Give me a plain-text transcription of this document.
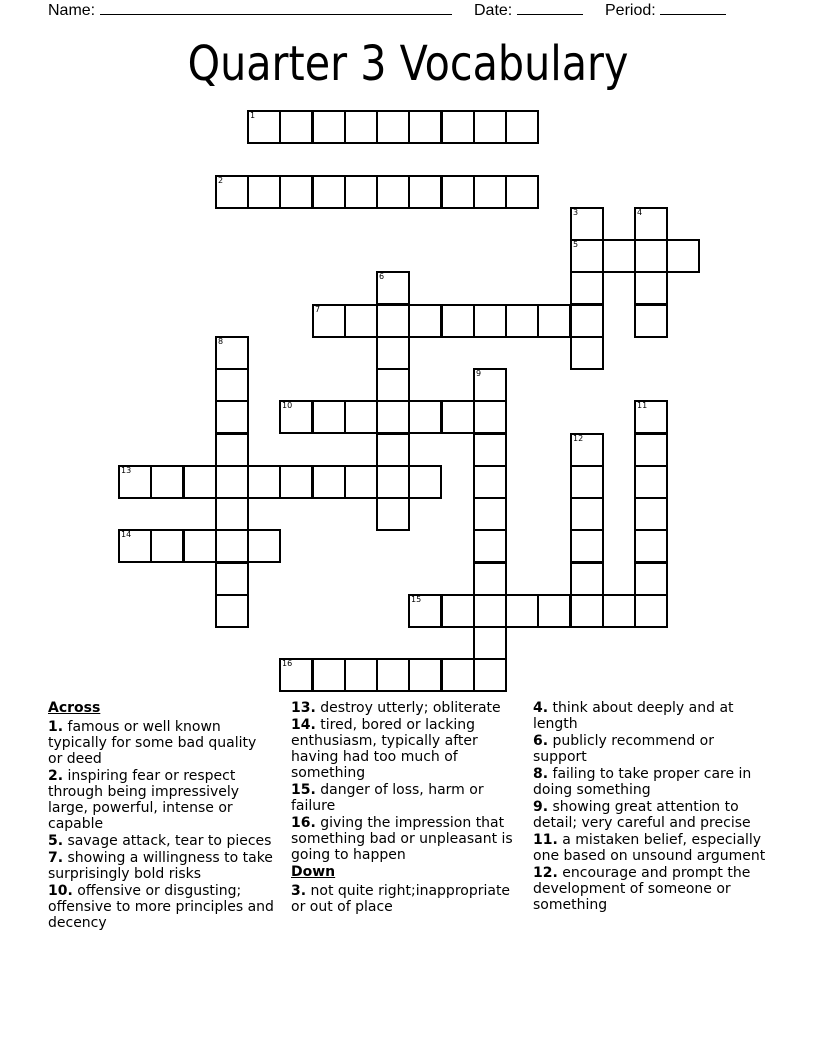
Name:	Date:	Period:
Quarter 3 Vocabulary
1
2
3
5
4
6
7
8
9
10	11
12
13
14
15
16
Across
1. famous or well known typically for some bad quality or deed
2. inspiring fear or respect through being impressively large, powerful, intense or capable
5. savage attack, tear to pieces
7. showing a willingness to take surprisingly bold risks
10. offensive or disgusting; offensive to more principles and decency
13. destroy utterly; obliterate
14. tired, bored or lacking enthusiasm, typically after having had too much of something
15. danger of loss, harm or failure
16. giving the impression that something bad or unpleasant is going to happen
Down
3. not quite right;inappropriate or out of place
4. think about deeply and at length
6. publicly recommend or support
8. failing to take proper care in doing something
9. showing great attention to detail; very careful and precise
11. a mistaken belief, especially one based on unsound argument
12. encourage and prompt the development of someone or something
